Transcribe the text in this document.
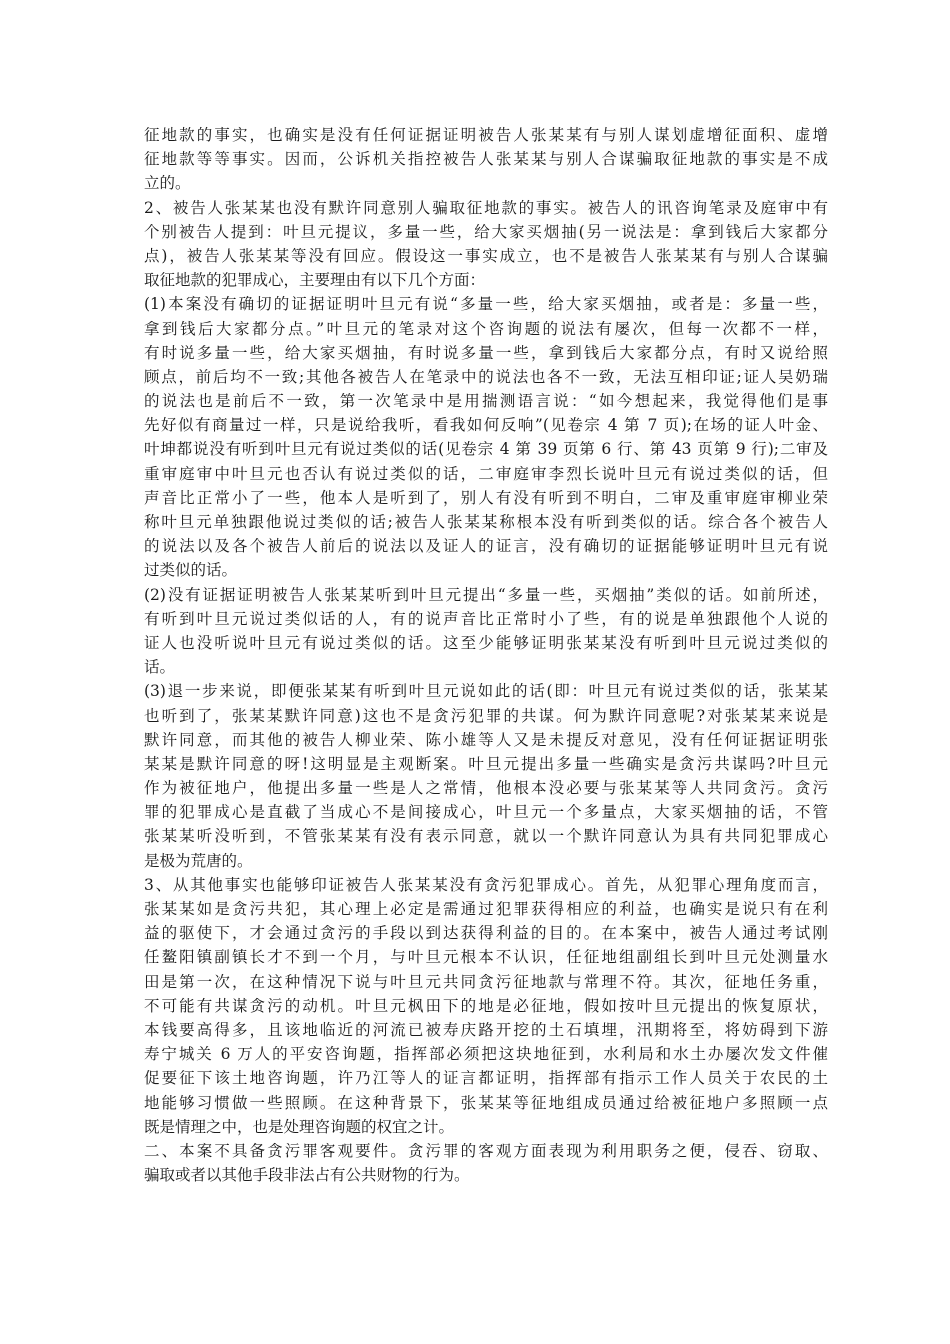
征地款的事实，也确实是没有任何证据证明被告人张某某有与别人谋划虚增征面积、虚增
征地款等等事实。因而，公诉机关指控被告人张某某与别人合谋骗取征地款的事实是不成
立的。
2、被告人张某某也没有默许同意别人骗取征地款的事实。被告人的讯咨询笔录及庭审中有
个别被告人提到：叶旦元提议，多量一些，给大家买烟抽(另一说法是：拿到钱后大家都分
点)，被告人张某某等没有回应。假设这一事实成立，也不是被告人张某某有与别人合谋骗
取征地款的犯罪成心，主要理由有以下几个方面：
(1)本案没有确切的证据证明叶旦元有说“多量一些，给大家买烟抽，或者是：多量一些，
拿到钱后大家都分点。”叶旦元的笔录对这个咨询题的说法有屡次，但每一次都不一样，
有时说多量一些，给大家买烟抽，有时说多量一些，拿到钱后大家都分点，有时又说给照
顾点，前后均不一致;其他各被告人在笔录中的说法也各不一致，无法互相印证;证人吴奶瑞
的说法也是前后不一致，第一次笔录中是用揣测语言说：“如今想起来，我觉得他们是事
先好似有商量过一样，只是说给我听，看我如何反响”(见卷宗 4 第 7 页);在场的证人叶金、
叶坤都说没有听到叶旦元有说过类似的话(见卷宗 4 第 39 页第 6 行、第 43 页第 9 行);二审及
重审庭审中叶旦元也否认有说过类似的话，二审庭审李烈长说叶旦元有说过类似的话，但
声音比正常小了一些，他本人是听到了，别人有没有听到不明白，二审及重审庭审柳业荣
称叶旦元单独跟他说过类似的话;被告人张某某称根本没有听到类似的话。综合各个被告人
的说法以及各个被告人前后的说法以及证人的证言，没有确切的证据能够证明叶旦元有说
过类似的话。
(2)没有证据证明被告人张某某听到叶旦元提出“多量一些，买烟抽”类似的话。如前所述，
有听到叶旦元说过类似话的人，有的说声音比正常时小了些，有的说是单独跟他个人说的
证人也没听说叶旦元有说过类似的话。这至少能够证明张某某没有听到叶旦元说过类似的
话。
(3)退一步来说，即便张某某有听到叶旦元说如此的话(即：叶旦元有说过类似的话，张某某
也听到了，张某某默许同意)这也不是贪污犯罪的共谋。何为默许同意呢?对张某某来说是
默许同意，而其他的被告人柳业荣、陈小雄等人又是未提反对意见，没有任何证据证明张
某某是默许同意的呀!这明显是主观断案。叶旦元提出多量一些确实是贪污共谋吗?叶旦元
作为被征地户，他提出多量一些是人之常情，他根本没必要与张某某等人共同贪污。贪污
罪的犯罪成心是直截了当成心不是间接成心，叶旦元一个多量点，大家买烟抽的话，不管
张某某听没听到，不管张某某有没有表示同意，就以一个默许同意认为具有共同犯罪成心
是极为荒唐的。
3、从其他事实也能够印证被告人张某某没有贪污犯罪成心。首先，从犯罪心理角度而言，
张某某如是贪污共犯，其心理上必定是需通过犯罪获得相应的利益，也确实是说只有在利
益的驱使下，才会通过贪污的手段以到达获得利益的目的。在本案中，被告人通过考试刚
任鳌阳镇副镇长才不到一个月，与叶旦元根本不认识，任征地组副组长到叶旦元处测量水
田是第一次，在这种情况下说与叶旦元共同贪污征地款与常理不符。其次，征地任务重，
不可能有共谋贪污的动机。叶旦元枫田下的地是必征地，假如按叶旦元提出的恢复原状，
本钱要高得多，且该地临近的河流已被寿庆路开挖的土石填埋，汛期将至，将妨碍到下游
寿宁城关 6 万人的平安咨询题，指挥部必须把这块地征到，水利局和水土办屡次发文件催
促要征下该土地咨询题，许乃江等人的证言都证明，指挥部有指示工作人员关于农民的土
地能够习惯做一些照顾。在这种背景下，张某某等征地组成员通过给被征地户多照顾一点
既是情理之中，也是处理咨询题的权宜之计。
二、本案不具备贪污罪客观要件。贪污罪的客观方面表现为利用职务之便，侵吞、窃取、
骗取或者以其他手段非法占有公共财物的行为。
